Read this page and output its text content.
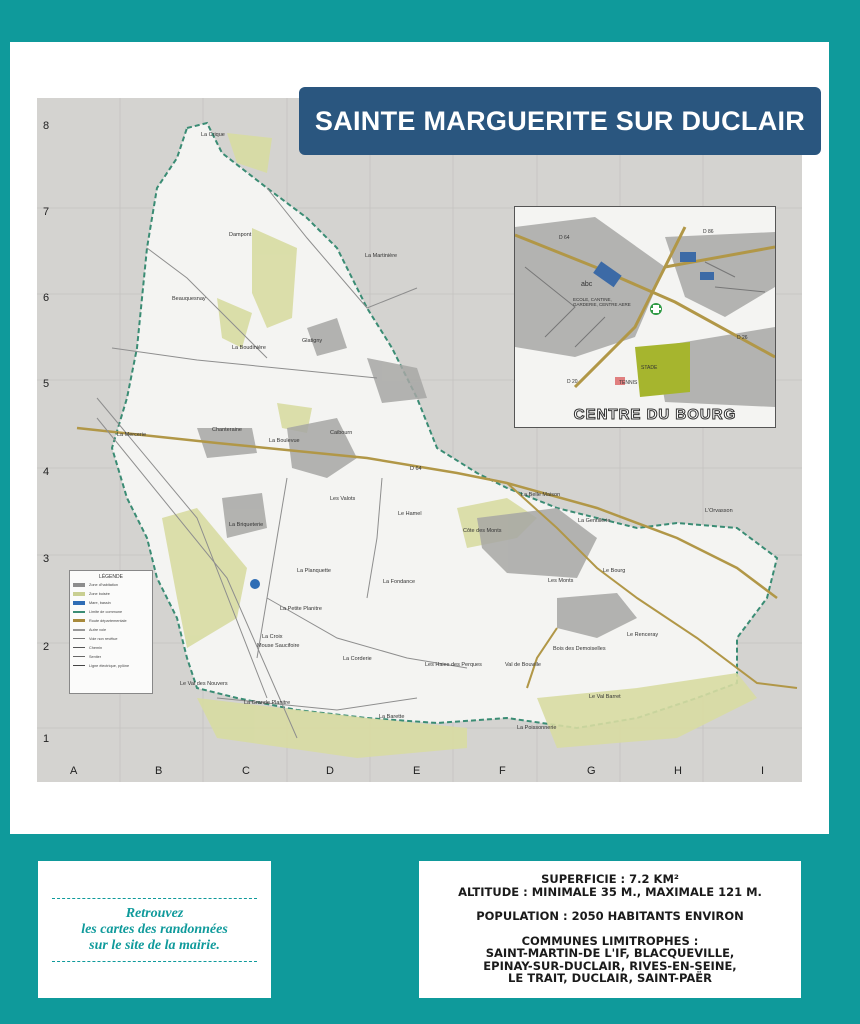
8
7
6
5
4
3
2
1
A	B	C	D	E	F	G	H	I
La Crique
Dampont
La Martinière
Beauquesnay
Glatigny
La Boudinière
La Mercerie
Chanteraine
La Boulevue
Caibourn
Les Valots
La Briqueterie
Le Hamel
Côte des Monts
La Belle Maison
La Gentillerie
L'Orvasson
La Planquette
La Fondance	Les Monts
Le Bourg
La Petite Planitre
La Croix
Mouse Saucifoire
La Corderie
Les Haies des Perques	Val de Bouville
Bois des Demoiselles
Le Renceray
Le Val des Nouvers
La Grande Planitre
La Barette
La Poissonnerie
Le Val Barret
D 64
LÉGENDE
Zone d'habitation
Zone boisée
Mare, bassin
Limite de commune
Route départementale
Autre voie
Voie non revêtue
Chemin
Sentier
Ligne électrique, pylône
abc
ECOLE, CANTINE, GARDERIE, CENTRE AERE
STADE
TENNIS
D 86
D 64
D 20
D 26
CENTRE DU BOURG
SAINTE MARGUERITE SUR DUCLAIR
Retrouvez
les cartes des randonnées
sur le site de la mairie.

SUPERFICIE : 7.2 KM²

ALTITUDE : MINIMALE 35 M., MAXIMALE 121 M.

POPULATION : 2050 HABITANTS ENVIRON

COMMUNES LIMITROPHES :

SAINT-MARTIN-DE L'IF, BLACQUEVILLE,

EPINAY-SUR-DUCLAIR, RIVES-EN-SEINE,

LE TRAIT, DUCLAIR, SAINT-PAËR
